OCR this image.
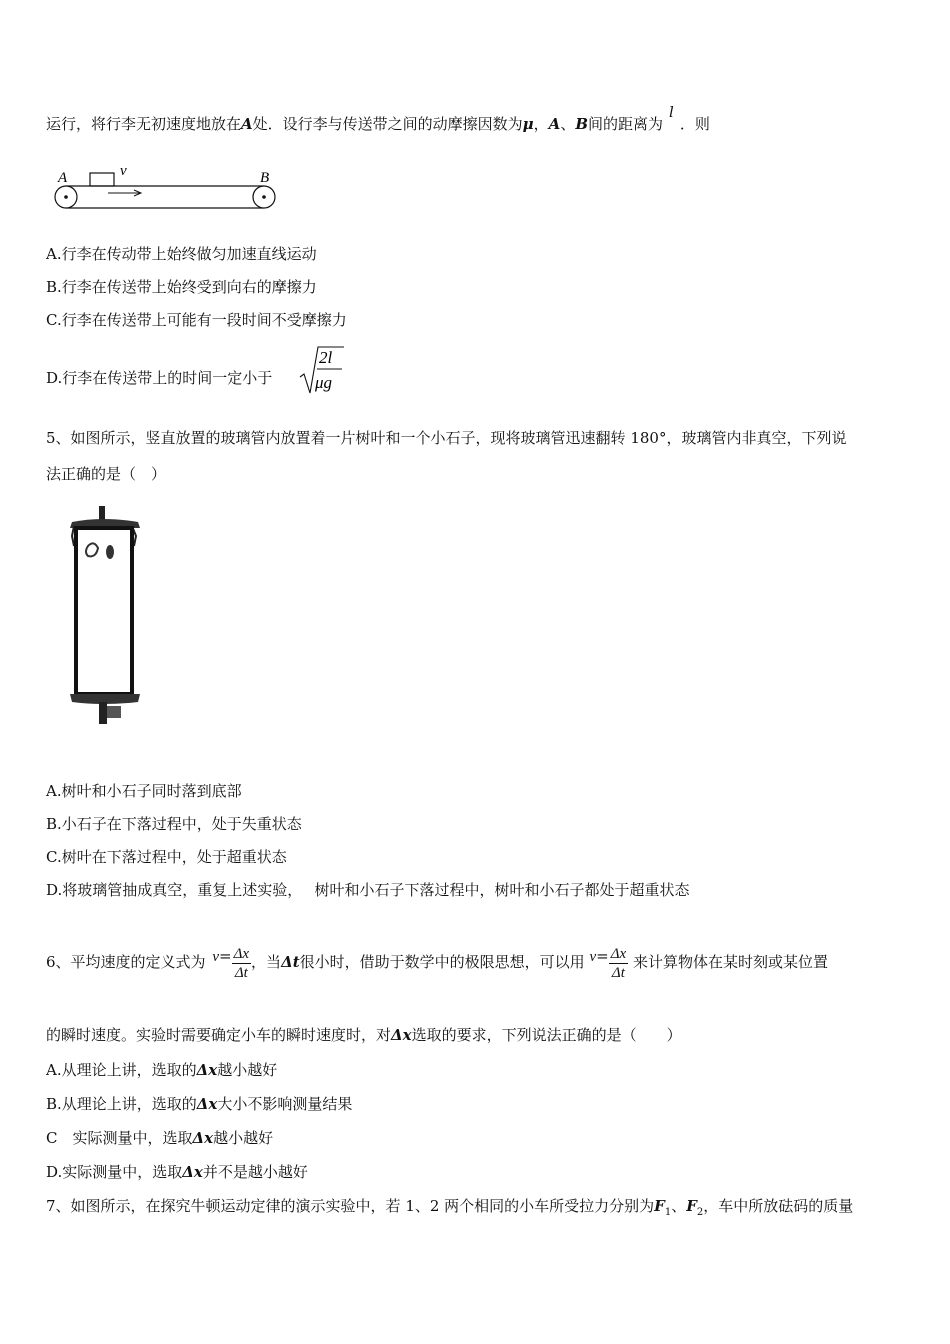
运行，将行李无初速度地放在A处．设行李与传送带之间的动摩擦因数为μ，A、B间的距离为l．则
A	B
v
A.行李在传动带上始终做匀加速直线运动
B.行李在传送带上始终受到向右的摩擦力
C.行李在传送带上可能有一段时间不受摩擦力
D.行李在传送带上的时间一定小于
2l
μg
5、如图所示，竖直放置的玻璃管内放置着一片树叶和一个小石子，现将玻璃管迅速翻转 180°，玻璃管内非真空，下列说
法正确的是（　）
A.树叶和小石子同时落到底部
B.小石子在下落过程中，处于失重状态
C.树叶在下落过程中，处于超重状态
D.将玻璃管抽成真空，重复上述实验，　 树叶和小石子下落过程中，树叶和小石子都处于超重状态
6、平均速度的定义式为 $v= \frac{\Delta x}{\Delta t}$ ，当Δt很小时，借助于数学中的极限思想，可以用 $v= \frac{\Delta x}{\Delta t}$ 来计算物体在某时刻或某位置
的瞬时速度。实验时需要确定小车的瞬时速度时，对Δx选取的要求，下列说法正确的是（　　）
A.从理论上讲，选取的Δx越小越好
B.从理论上讲，选取的Δx大小不影响测量结果
C　实际测量中，选取Δx越小越好
D.实际测量中，选取Δx并不是越小越好
7、如图所示，在探究牛顿运动定律的演示实验中，若 1、2 两个相同的小车所受拉力分别为$F_1$、$F_2$，车中所放砝码的质量
